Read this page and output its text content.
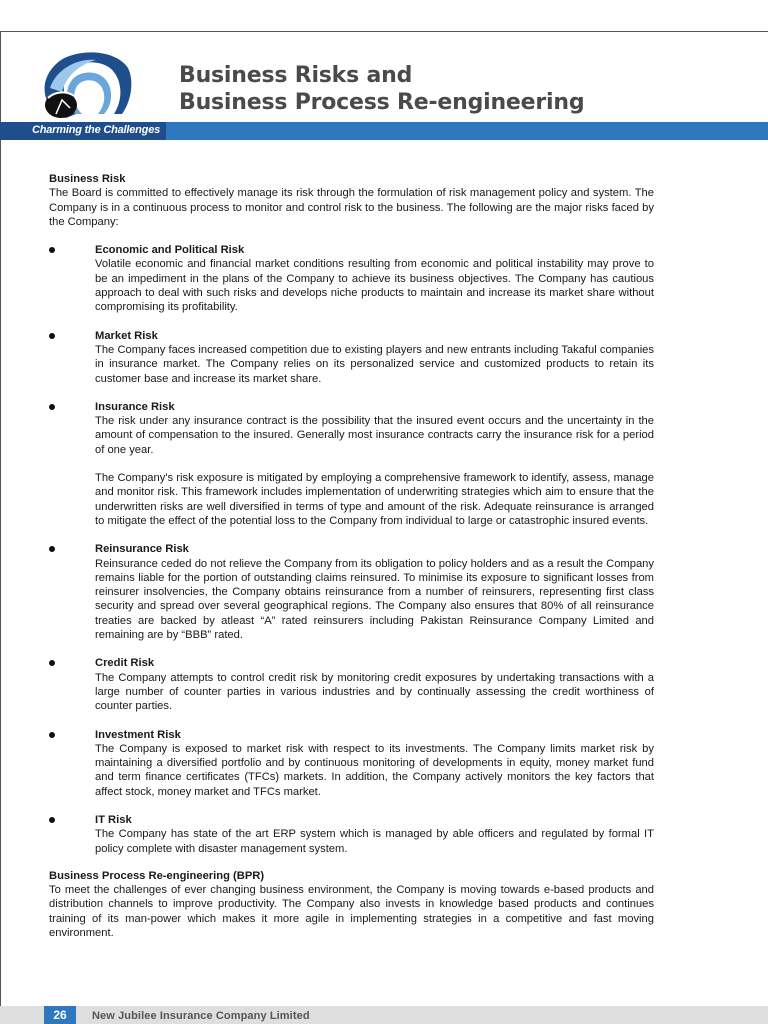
Business Risks and
Business Process Re-engineering
Charming the Challenges
Business Risk

The Board is committed to effectively manage its risk through the formulation of risk management policy and system. The Company is in a continuous process to monitor and control risk to the business. The following are the major risks faced by the Company:

Economic and Political Risk

Volatile economic and financial market conditions resulting from economic and political instability may prove to be an impediment in the plans of the Company to achieve its business objectives. The Company has cautious approach to deal with such risks and develops niche products to maintain and increase its market share without compromising its profitability.

Market Risk

The Company faces increased competition due to existing players and new entrants including Takaful companies in insurance market. The Company relies on its personalized service and customized products to retain its customer base and increase its market share.

Insurance Risk

The risk under any insurance contract is the possibility that the insured event occurs and the uncertainty in the amount of compensation to the insured. Generally most insurance contracts carry the insurance risk for a period of one year.

The Company's risk exposure is mitigated by employing a comprehensive framework to identify, assess, manage and monitor risk. This framework includes implementation of underwriting strategies which aim to ensure that the underwritten risks are well diversified in terms of type and amount of the risk. Adequate reinsurance is arranged to mitigate the effect of the potential loss to the Company from individual to large or catastrophic insured events.

Reinsurance Risk

Reinsurance ceded do not relieve the Company from its obligation to policy holders and as a result the Company remains liable for the portion of outstanding claims reinsured. To minimise its exposure to significant losses from reinsurer insolvencies, the Company obtains reinsurance from a number of reinsurers, representing first class security and spread over several geographical regions. The Company also ensures that 80% of all reinsurance treaties are backed by atleast “A” rated reinsurers including Pakistan Reinsurance Company Limited and remaining are by “BBB” rated.

Credit Risk

The Company attempts to control credit risk by monitoring credit exposures by undertaking transactions with a large number of counter parties in various industries and by continually assessing the credit worthiness of counter parties.

Investment Risk

The Company is exposed to market risk with respect to its investments. The Company limits market risk by maintaining a diversified portfolio and by continuous monitoring of developments in equity, money market fund and term finance certificates (TFCs) markets. In addition, the Company actively monitors the key factors that affect stock, money market and TFCs market.

IT Risk

The Company has state of the art ERP system which is managed by able officers and regulated by formal IT policy complete with disaster management system.

Business Process Re-engineering (BPR)

To meet the challenges of ever changing business environment, the Company is moving towards e-based products and distribution channels to improve productivity. The Company also invests in knowledge based products and continues training of its man-power which makes it more agile in implementing strategies in a competitive and fast moving environment.

26	New Jubilee Insurance Company Limited
